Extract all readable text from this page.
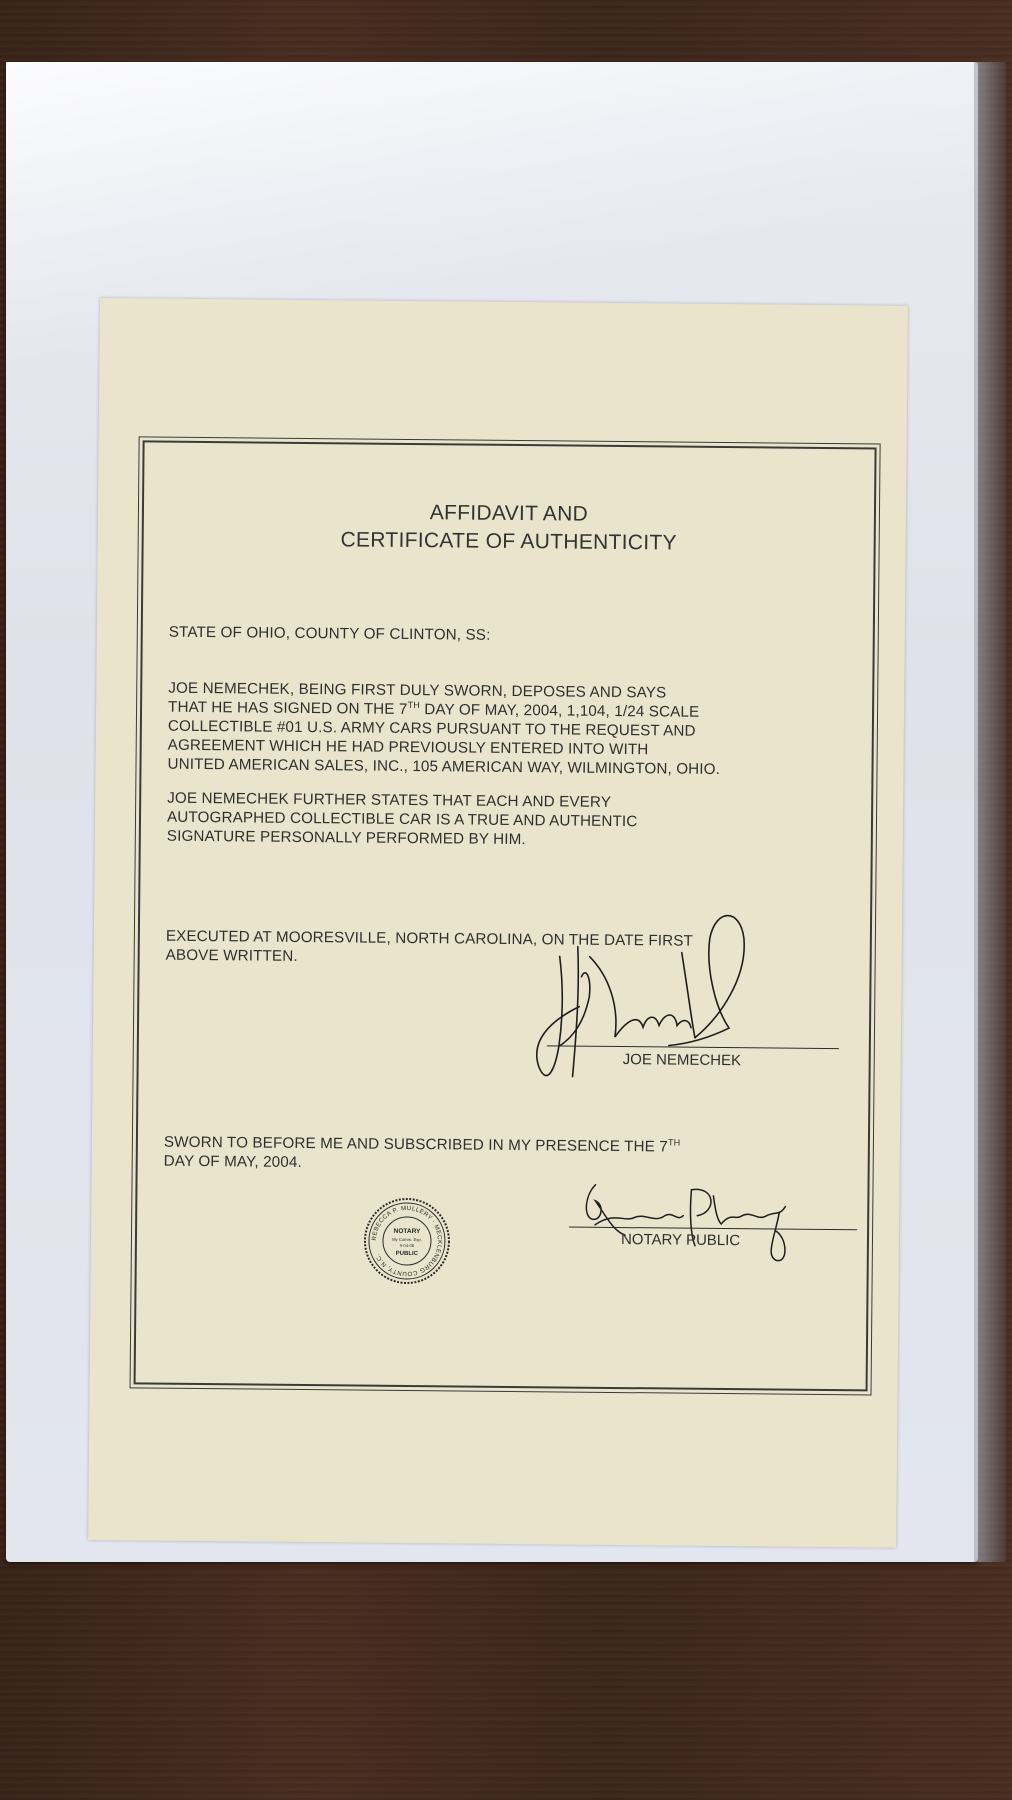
AFFIDAVIT AND
CERTIFICATE OF AUTHENTICITY
STATE OF OHIO, COUNTY OF CLINTON, SS:
JOE NEMECHEK, BEING FIRST DULY SWORN, DEPOSES AND SAYS
THAT HE HAS SIGNED ON THE 7TH DAY OF MAY, 2004, 1,104, 1/24 SCALE
COLLECTIBLE #01 U.S. ARMY CARS PURSUANT TO THE REQUEST AND
AGREEMENT WHICH HE HAD PREVIOUSLY ENTERED INTO WITH
UNITED AMERICAN SALES, INC., 105 AMERICAN WAY, WILMINGTON, OHIO.
JOE NEMECHEK FURTHER STATES THAT EACH AND EVERY
AUTOGRAPHED COLLECTIBLE CAR IS A TRUE AND AUTHENTIC
SIGNATURE PERSONALLY PERFORMED BY HIM.
EXECUTED AT MOORESVILLE, NORTH CAROLINA, ON THE DATE FIRST
ABOVE WRITTEN.
JOE NEMECHEK
SWORN TO BEFORE ME AND SUBSCRIBED IN MY PRESENCE THE 7TH
DAY OF MAY, 2004.
REBECCA P. MULLERY · MECKLENBURG COUNTY, N.C.
NOTARY
My Comm. Exp.
5-04-08
PUBLIC
NOTARY PUBLIC
